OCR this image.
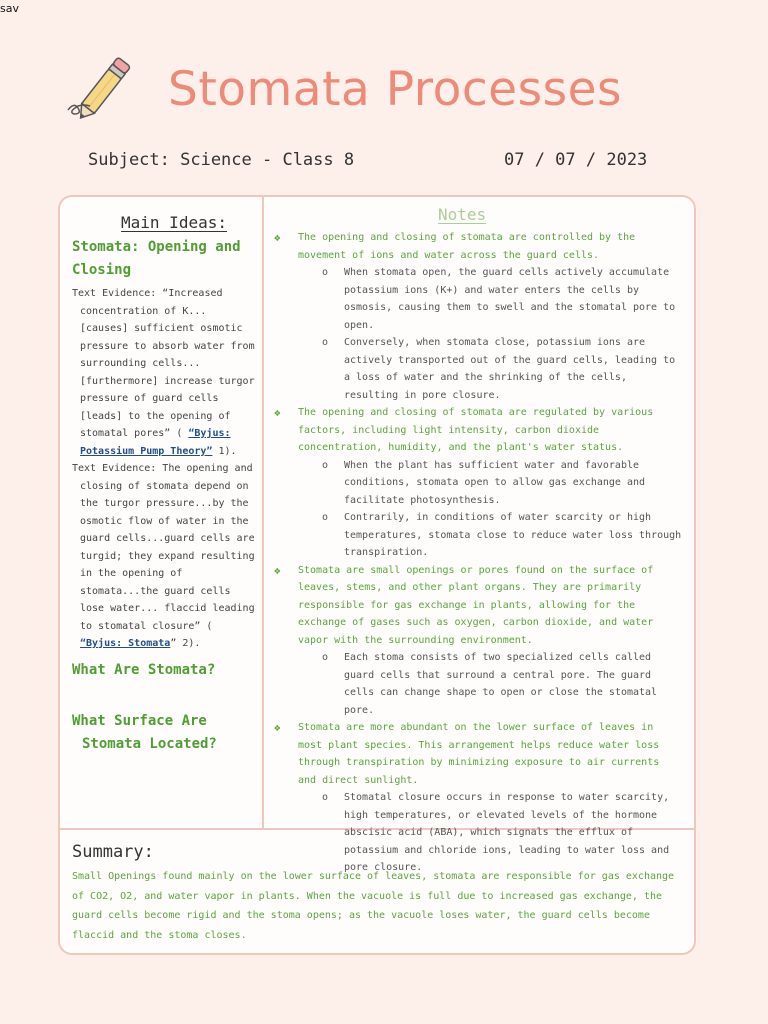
sav
Stomata Processes
Subject: Science - Class 8	07 / 07 / 2023
Main Ideas:
Stomata: Opening and
Closing
Text Evidence: “Increased concentration of K... [causes] sufficient osmotic pressure to absorb water from surrounding cells...[furthermore] increase turgor pressure of guard cells [leads] to the opening of stomatal pores” ( “Byjus: Potassium Pump Theory” 1).
Text Evidence: The opening and closing of stomata depend on the turgor pressure...by the osmotic flow of water in the guard cells...guard cells are turgid; they expand resulting in the opening of stomata...the guard cells lose water... flaccid leading to stomatal closure” ( “Byjus: Stomata” 2).
What Are Stomata?
What Surface Are
Stomata Located?
Notes
❖ The opening and closing of stomata are controlled by the movement of ions and water across the guard cells.
o When stomata open, the guard cells actively accumulate potassium ions (K+) and water enters the cells by osmosis, causing them to swell and the stomatal pore to open.
o Conversely, when stomata close, potassium ions are actively transported out of the guard cells, leading to a loss of water and the shrinking of the cells, resulting in pore closure.
❖ The opening and closing of stomata are regulated by various factors, including light intensity, carbon dioxide concentration, humidity, and the plant's water status.
o When the plant has sufficient water and favorable conditions, stomata open to allow gas exchange and facilitate photosynthesis.
o Contrarily, in conditions of water scarcity or high temperatures, stomata close to reduce water loss through transpiration.
❖ Stomata are small openings or pores found on the surface of leaves, stems, and other plant organs. They are primarily responsible for gas exchange in plants, allowing for the exchange of gases such as oxygen, carbon dioxide, and water vapor with the surrounding environment.
o Each stoma consists of two specialized cells called guard cells that surround a central pore. The guard cells can change shape to open or close the stomatal pore.
❖ Stomata are more abundant on the lower surface of leaves in most plant species. This arrangement helps reduce water loss through transpiration by minimizing exposure to air currents and direct sunlight.
o Stomatal closure occurs in response to water scarcity, high temperatures, or elevated levels of the hormone abscisic acid (ABA), which signals the efflux of potassium and chloride ions, leading to water loss and pore closure.
Summary:
Small Openings found mainly on the lower surface of leaves, stomata are responsible for gas exchange of CO2, O2, and water vapor in plants. When the vacuole is full due to increased gas exchange, the guard cells become rigid and the stoma opens; as the vacuole loses water, the guard cells become flaccid and the stoma closes.
